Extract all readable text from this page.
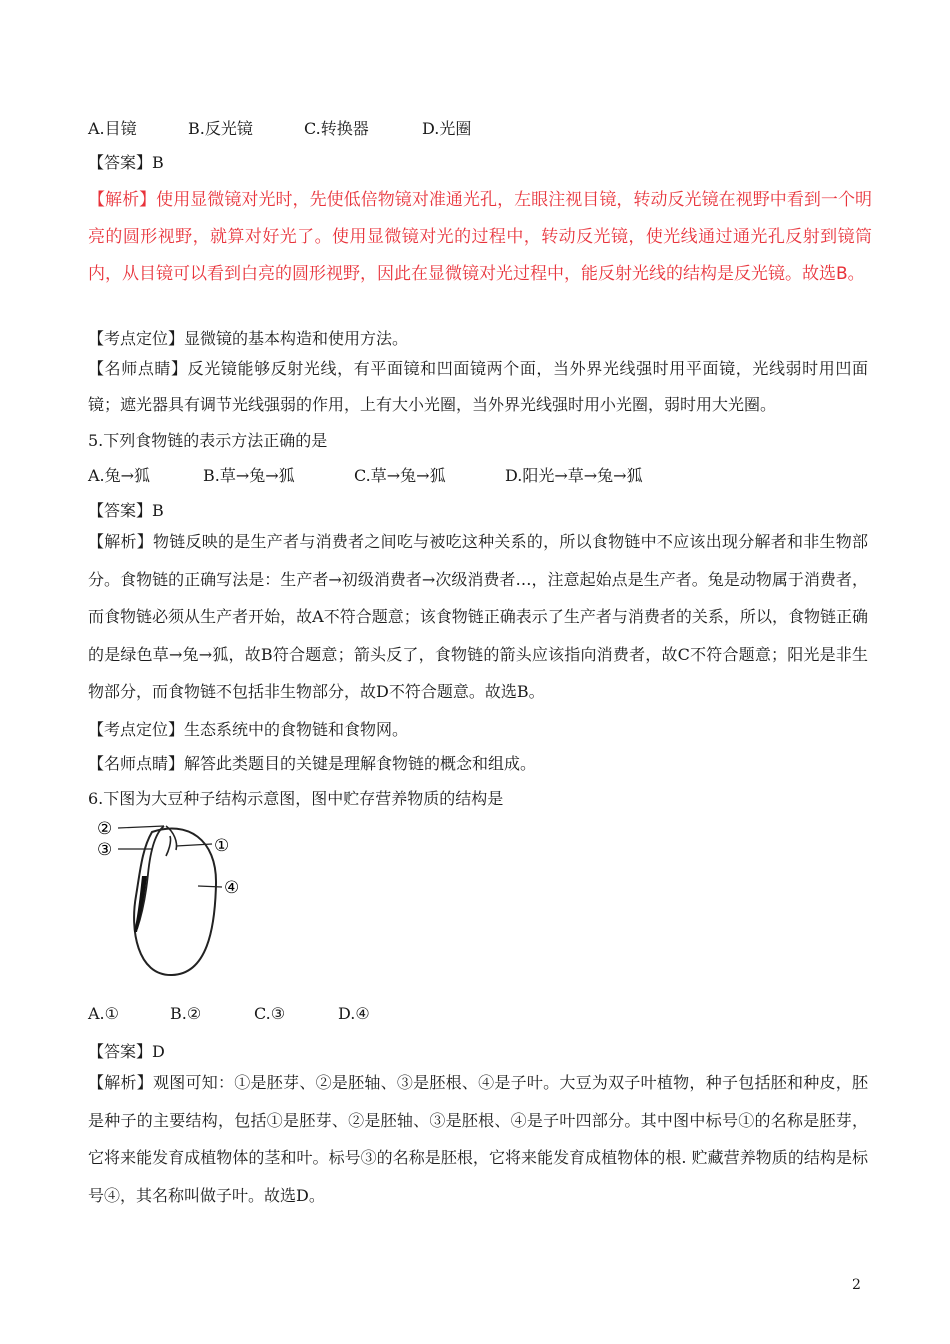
A.目镜	B.反光镜	C.转换器	D.光圈
【答案】B
【解析】使用显微镜对光时，先使低倍物镜对准通光孔，左眼注视目镜，转动反光镜在视野中看到一个明亮的圆形视野，就算对好光了。使用显微镜对光的过程中，转动反光镜，使光线通过通光孔反射到镜筒内，从目镜可以看到白亮的圆形视野，因此在显微镜对光过程中，能反射光线的结构是反光镜。故选B。
【考点定位】显微镜的基本构造和使用方法。
【名师点睛】反光镜能够反射光线，有平面镜和凹面镜两个面，当外界光线强时用平面镜，光线弱时用凹面镜；遮光器具有调节光线强弱的作用，上有大小光圈，当外界光线强时用小光圈，弱时用大光圈。
5.下列食物链的表示方法正确的是
A.兔→狐	B.草→兔→狐	C.草→兔→狐	D.阳光→草→兔→狐
【答案】B
【解析】物链反映的是生产者与消费者之间吃与被吃这种关系的，所以食物链中不应该出现分解者和非生物部分。食物链的正确写法是：生产者→初级消费者→次级消费者…，注意起始点是生产者。兔是动物属于消费者，而食物链必须从生产者开始，故A不符合题意；该食物链正确表示了生产者与消费者的关系，所以，食物链正确的是绿色草→兔→狐，故B符合题意；箭头反了，食物链的箭头应该指向消费者，故C不符合题意；阳光是非生物部分，而食物链不包括非生物部分，故D不符合题意。故选B。
【考点定位】生态系统中的食物链和食物网。
【名师点睛】解答此类题目的关键是理解食物链的概念和组成。
6.下图为大豆种子结构示意图，图中贮存营养物质的结构是
②
③	①
④
A.①	B.②	C.③	D.④
【答案】D
【解析】观图可知：①是胚芽、②是胚轴、③是胚根、④是子叶。大豆为双子叶植物，种子包括胚和种皮，胚是种子的主要结构，包括①是胚芽、②是胚轴、③是胚根、④是子叶四部分。其中图中标号①的名称是胚芽，它将来能发育成植物体的茎和叶。标号③的名称是胚根，它将来能发育成植物体的根. 贮藏营养物质的结构是标号④，其名称叫做子叶。故选D。
2
